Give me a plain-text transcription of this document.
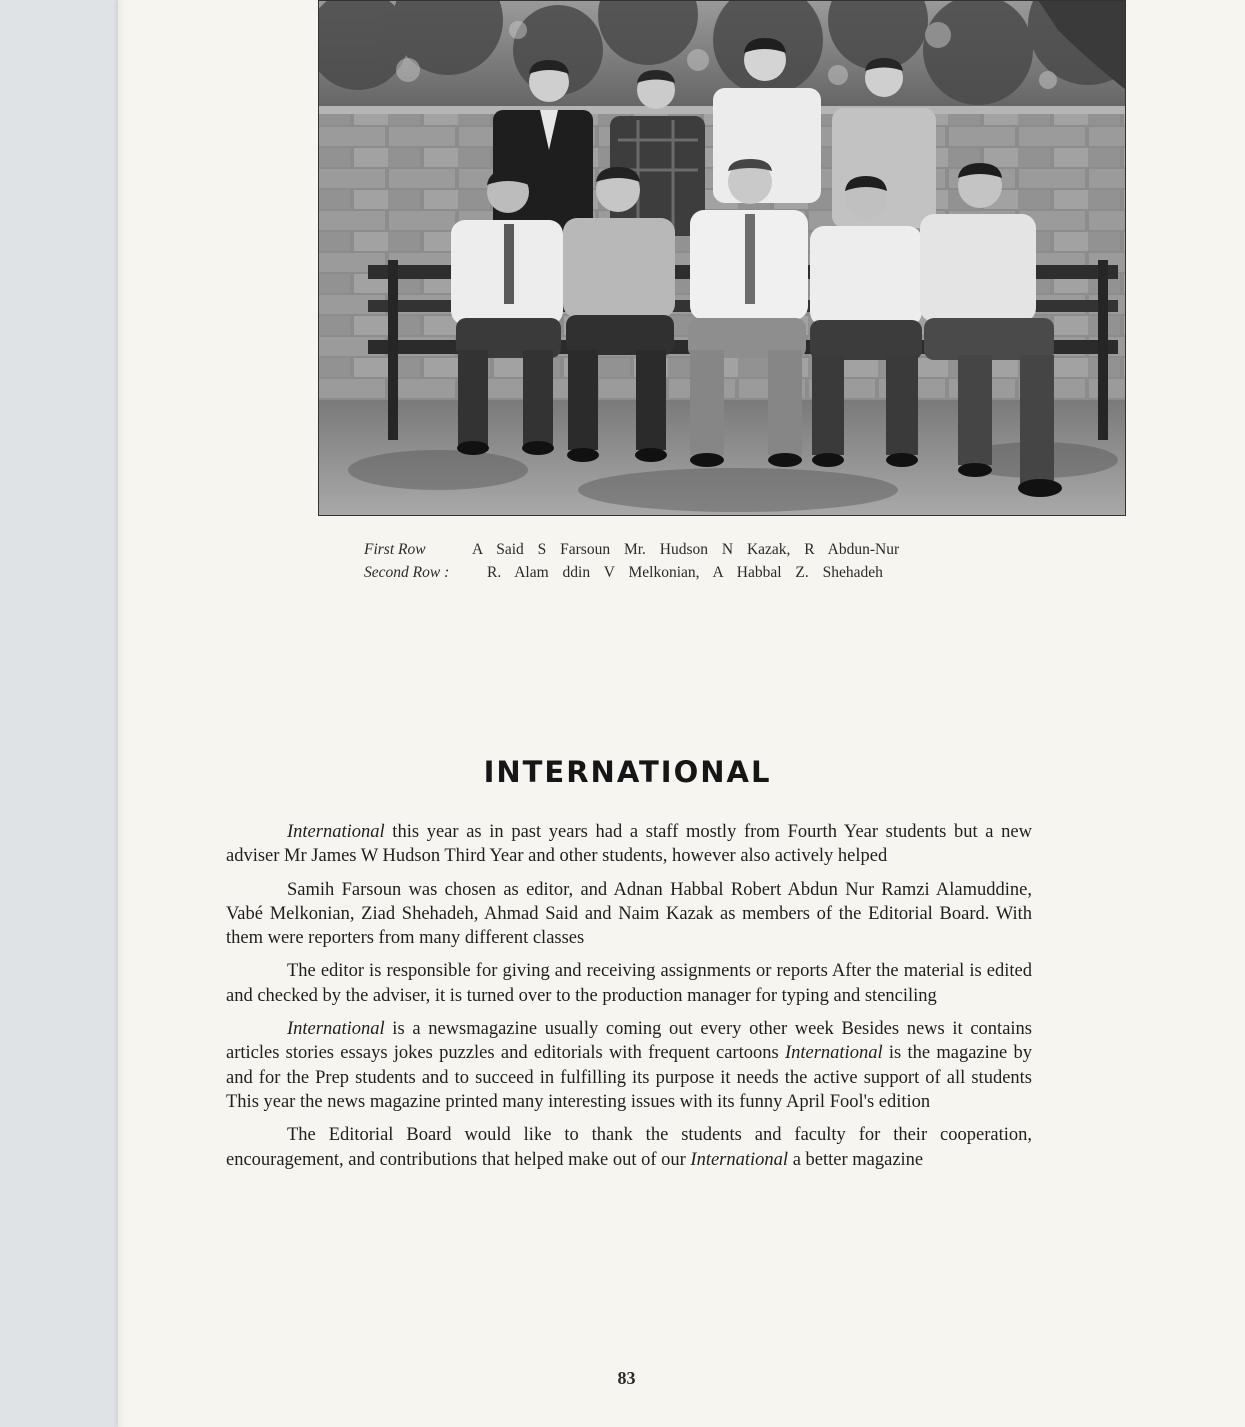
First Row	A Said S Farsoun Mr. Hudson N Kazak, R Abdun-Nur
Second Row : R. Alam ddin V Melkonian, A Habbal Z. Shehadeh
INTERNATIONAL

International this year as in past years had a staff mostly from Fourth Year students but a new adviser Mr James W Hudson Third Year and other students, however also actively helped

Samih Farsoun was chosen as editor, and Adnan Habbal Robert Abdun Nur Ramzi Alamuddine, Vabé Melkonian, Ziad Shehadeh, Ahmad Said and Naim Kazak as members of the Editorial Board. With them were reporters from many different classes

The editor is responsible for giving and receiving assignments or reports After the material is edited and checked by the adviser, it is turned over to the production manager for typing and stenciling

International is a newsmagazine usually coming out every other week Besides news it contains articles stories essays jokes puzzles and editorials with frequent cartoons International is the magazine by and for the Prep students and to succeed in fulfilling its purpose it needs the active support of all students This year the news magazine printed many interesting issues with its funny April Fool's edition

The Editorial Board would like to thank the students and faculty for their cooperation, encouragement, and contributions that helped make out of our International a better magazine

83
